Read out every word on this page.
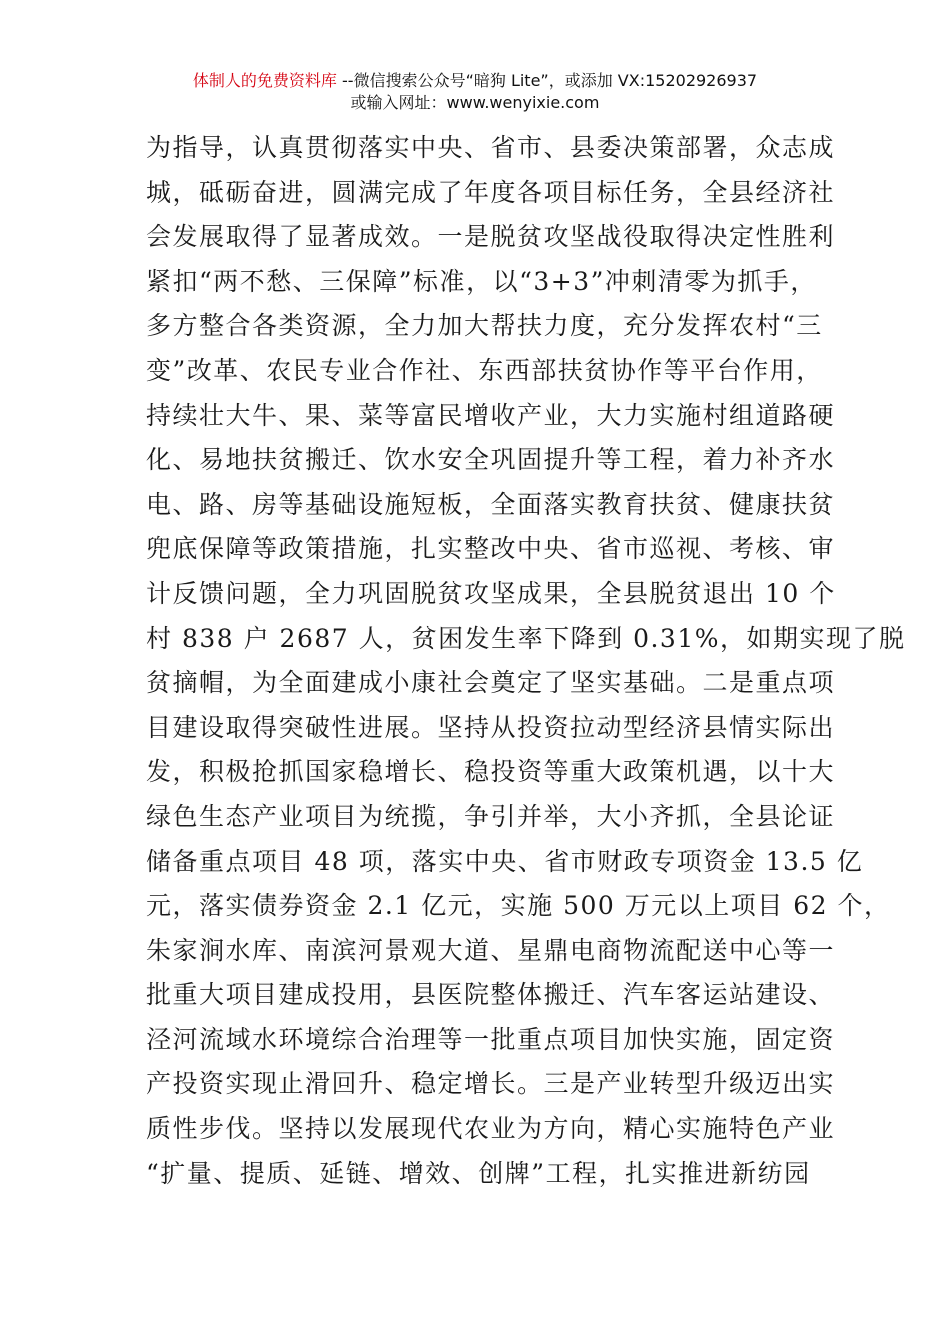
体制人的免费资料库 --微信搜索公众号“暗狗 Lite”，或添加 VX:15202926937
或输入网址：www.wenyixie.com
为指导，认真贯彻落实中央、省市、县委决策部署，众志成
城，砥砺奋进，圆满完成了年度各项目标任务，全县经济社
会发展取得了显著成效。一是脱贫攻坚战役取得决定性胜利
紧扣“两不愁、三保障”标准，以“3+3”冲刺清零为抓手，
多方整合各类资源，全力加大帮扶力度，充分发挥农村“三
变”改革、农民专业合作社、东西部扶贫协作等平台作用，
持续壮大牛、果、菜等富民增收产业，大力实施村组道路硬
化、易地扶贫搬迁、饮水安全巩固提升等工程，着力补齐水
电、路、房等基础设施短板，全面落实教育扶贫、健康扶贫
兜底保障等政策措施，扎实整改中央、省市巡视、考核、审
计反馈问题，全力巩固脱贫攻坚成果，全县脱贫退出 10 个
村 838 户 2687 人，贫困发生率下降到 0.31%，如期实现了脱
贫摘帽，为全面建成小康社会奠定了坚实基础。二是重点项
目建设取得突破性进展。坚持从投资拉动型经济县情实际出
发，积极抢抓国家稳增长、稳投资等重大政策机遇，以十大
绿色生态产业项目为统揽，争引并举，大小齐抓，全县论证
储备重点项目 48 项，落实中央、省市财政专项资金 13.5 亿
元，落实债券资金 2.1 亿元，实施 500 万元以上项目 62 个，
朱家涧水库、南滨河景观大道、星鼎电商物流配送中心等一
批重大项目建成投用，县医院整体搬迁、汽车客运站建设、
泾河流域水环境综合治理等一批重点项目加快实施，固定资
产投资实现止滑回升、稳定增长。三是产业转型升级迈出实
质性步伐。坚持以发展现代农业为方向，精心实施特色产业
“扩量、提质、延链、增效、创牌”工程，扎实推进新纺园
